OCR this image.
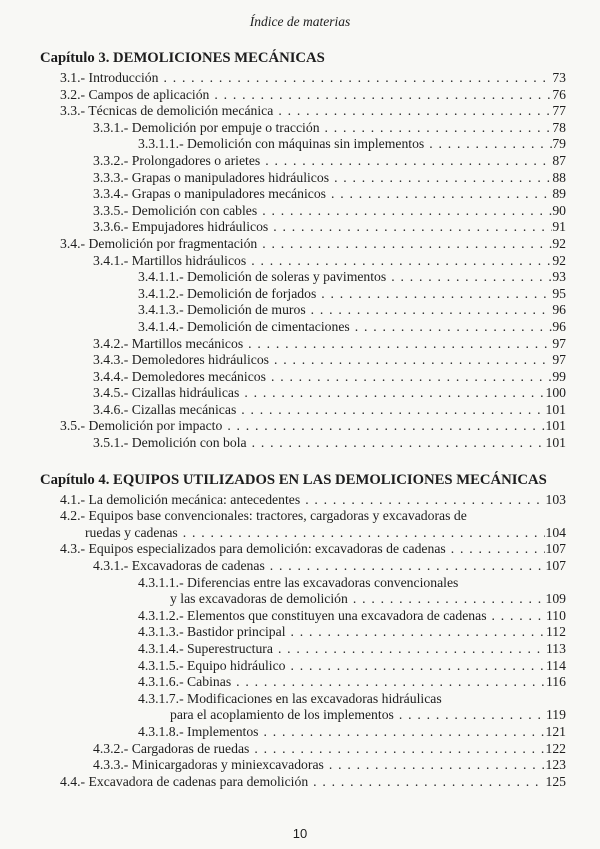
Índice de materias
Capítulo 3. DEMOLICIONES MECÁNICAS
3.1.- Introducción . . .	73
3.2.- Campos de aplicación . . .	76
3.3.- Técnicas de demolición mecánica . . .	77
3.3.1.- Demolición por empuje o tracción . . .	78
3.3.1.1.- Demolición con máquinas sin implementos . . .	79
3.3.2.- Prolongadores o arietes . . .	87
3.3.3.- Grapas o manipuladores hidráulicos . . .	88
3.3.4.- Grapas o manipuladores mecánicos . . .	89
3.3.5.- Demolición con cables . . .	90
3.3.6.- Empujadores hidráulicos . . .	91
3.4.- Demolición por fragmentación . . .	92
3.4.1.- Martillos hidráulicos . . .	92
3.4.1.1.- Demolición de soleras y pavimentos . . .	93
3.4.1.2.- Demolición de forjados . . .	95
3.4.1.3.- Demolición de muros . . .	96
3.4.1.4.- Demolición de cimentaciones . . .	96
3.4.2.- Martillos mecánicos . . .	97
3.4.3.- Demoledores hidráulicos . . .	97
3.4.4.- Demoledores mecánicos . . .	99
3.4.5.- Cizallas hidráulicas . . .	100
3.4.6.- Cizallas mecánicas . . .	101
3.5.- Demolición por impacto . . .	101
3.5.1.- Demolición con bola . . .	101
Capítulo 4. EQUIPOS UTILIZADOS EN LAS DEMOLICIONES MECÁNICAS
4.1.- La demolición mecánica: antecedentes . . .	103
4.2.- Equipos base convencionales: tractores, cargadoras y excavadoras de
ruedas y cadenas . . .	104
4.3.- Equipos especializados para demolición: excavadoras de cadenas . . .	107
4.3.1.- Excavadoras de cadenas . . .	107
4.3.1.1.- Diferencias entre las excavadoras convencionales
y las excavadoras de demolición . . .	109
4.3.1.2.- Elementos que constituyen una excavadora de cadenas . . .	110
4.3.1.3.- Bastidor principal . . .	112
4.3.1.4.- Superestructura . . .	113
4.3.1.5.- Equipo hidráulico . . .	114
4.3.1.6.- Cabinas . . .	116
4.3.1.7.- Modificaciones en las excavadoras hidráulicas
para el acoplamiento de los implementos . . .	119
4.3.1.8.- Implementos . . .	121
4.3.2.- Cargadoras de ruedas . . .	122
4.3.3.- Minicargadoras y miniexcavadoras . . .	123
4.4.- Excavadora de cadenas para demolición . . .	125
10
